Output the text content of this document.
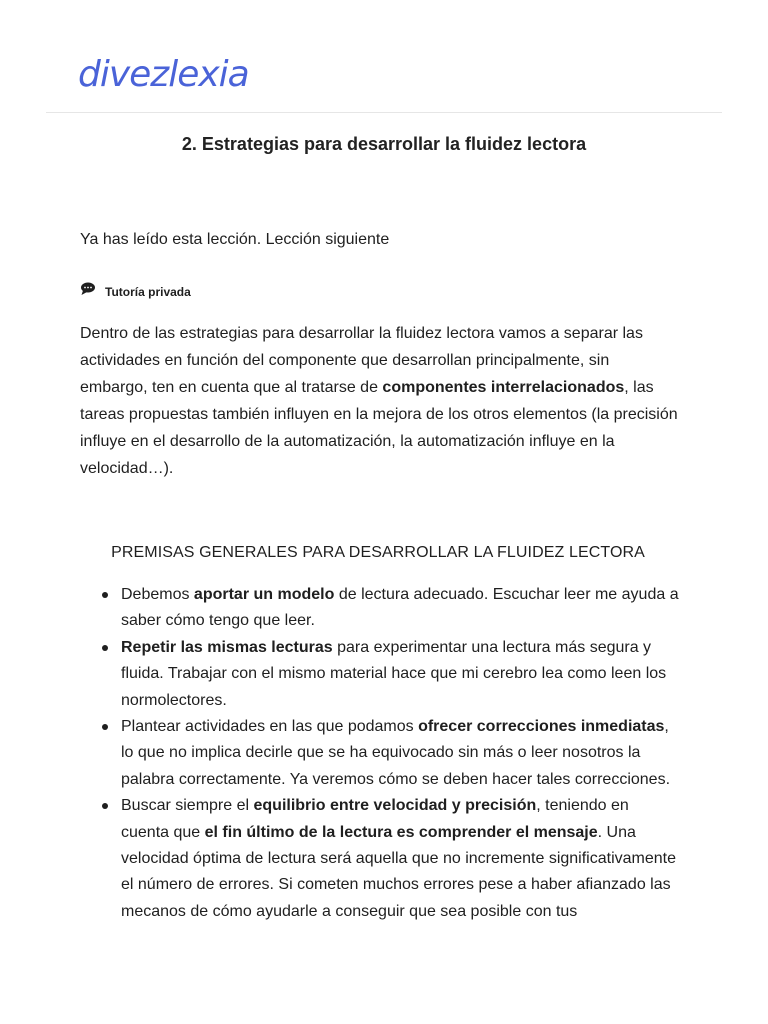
divezlexia
2. Estrategias para desarrollar la fluidez lectora
Ya has leído esta lección. Lección siguiente
Tutoría privada

Dentro de las estrategias para desarrollar la fluidez lectora vamos a separar las actividades en función del componente que desarrollan principalmente, sin embargo, ten en cuenta que al tratarse de componentes interrelacionados, las tareas propuestas también influyen en la mejora de los otros elementos (la precisión influye en el desarrollo de la automatización, la automatización influye en la velocidad…).

PREMISAS GENERALES PARA DESARROLLAR LA FLUIDEZ LECTORA
Debemos aportar un modelo de lectura adecuado. Escuchar leer me ayuda a saber cómo tengo que leer.
Repetir las mismas lecturas para experimentar una lectura más segura y fluida. Trabajar con el mismo material hace que mi cerebro lea como leen los normolectores.
Plantear actividades en las que podamos ofrecer correcciones inmediatas, lo que no implica decirle que se ha equivocado sin más o leer nosotros la palabra correctamente. Ya veremos cómo se deben hacer tales correcciones.
Buscar siempre el equilibrio entre velocidad y precisión, teniendo en cuenta que el fin último de la lectura es comprender el mensaje. Una velocidad óptima de lectura será aquella que no incremente significativamente el número de errores. Si cometen muchos errores pese a haber afianzado las mecanos de cómo ayudarle a conseguir que sea posible con tus
